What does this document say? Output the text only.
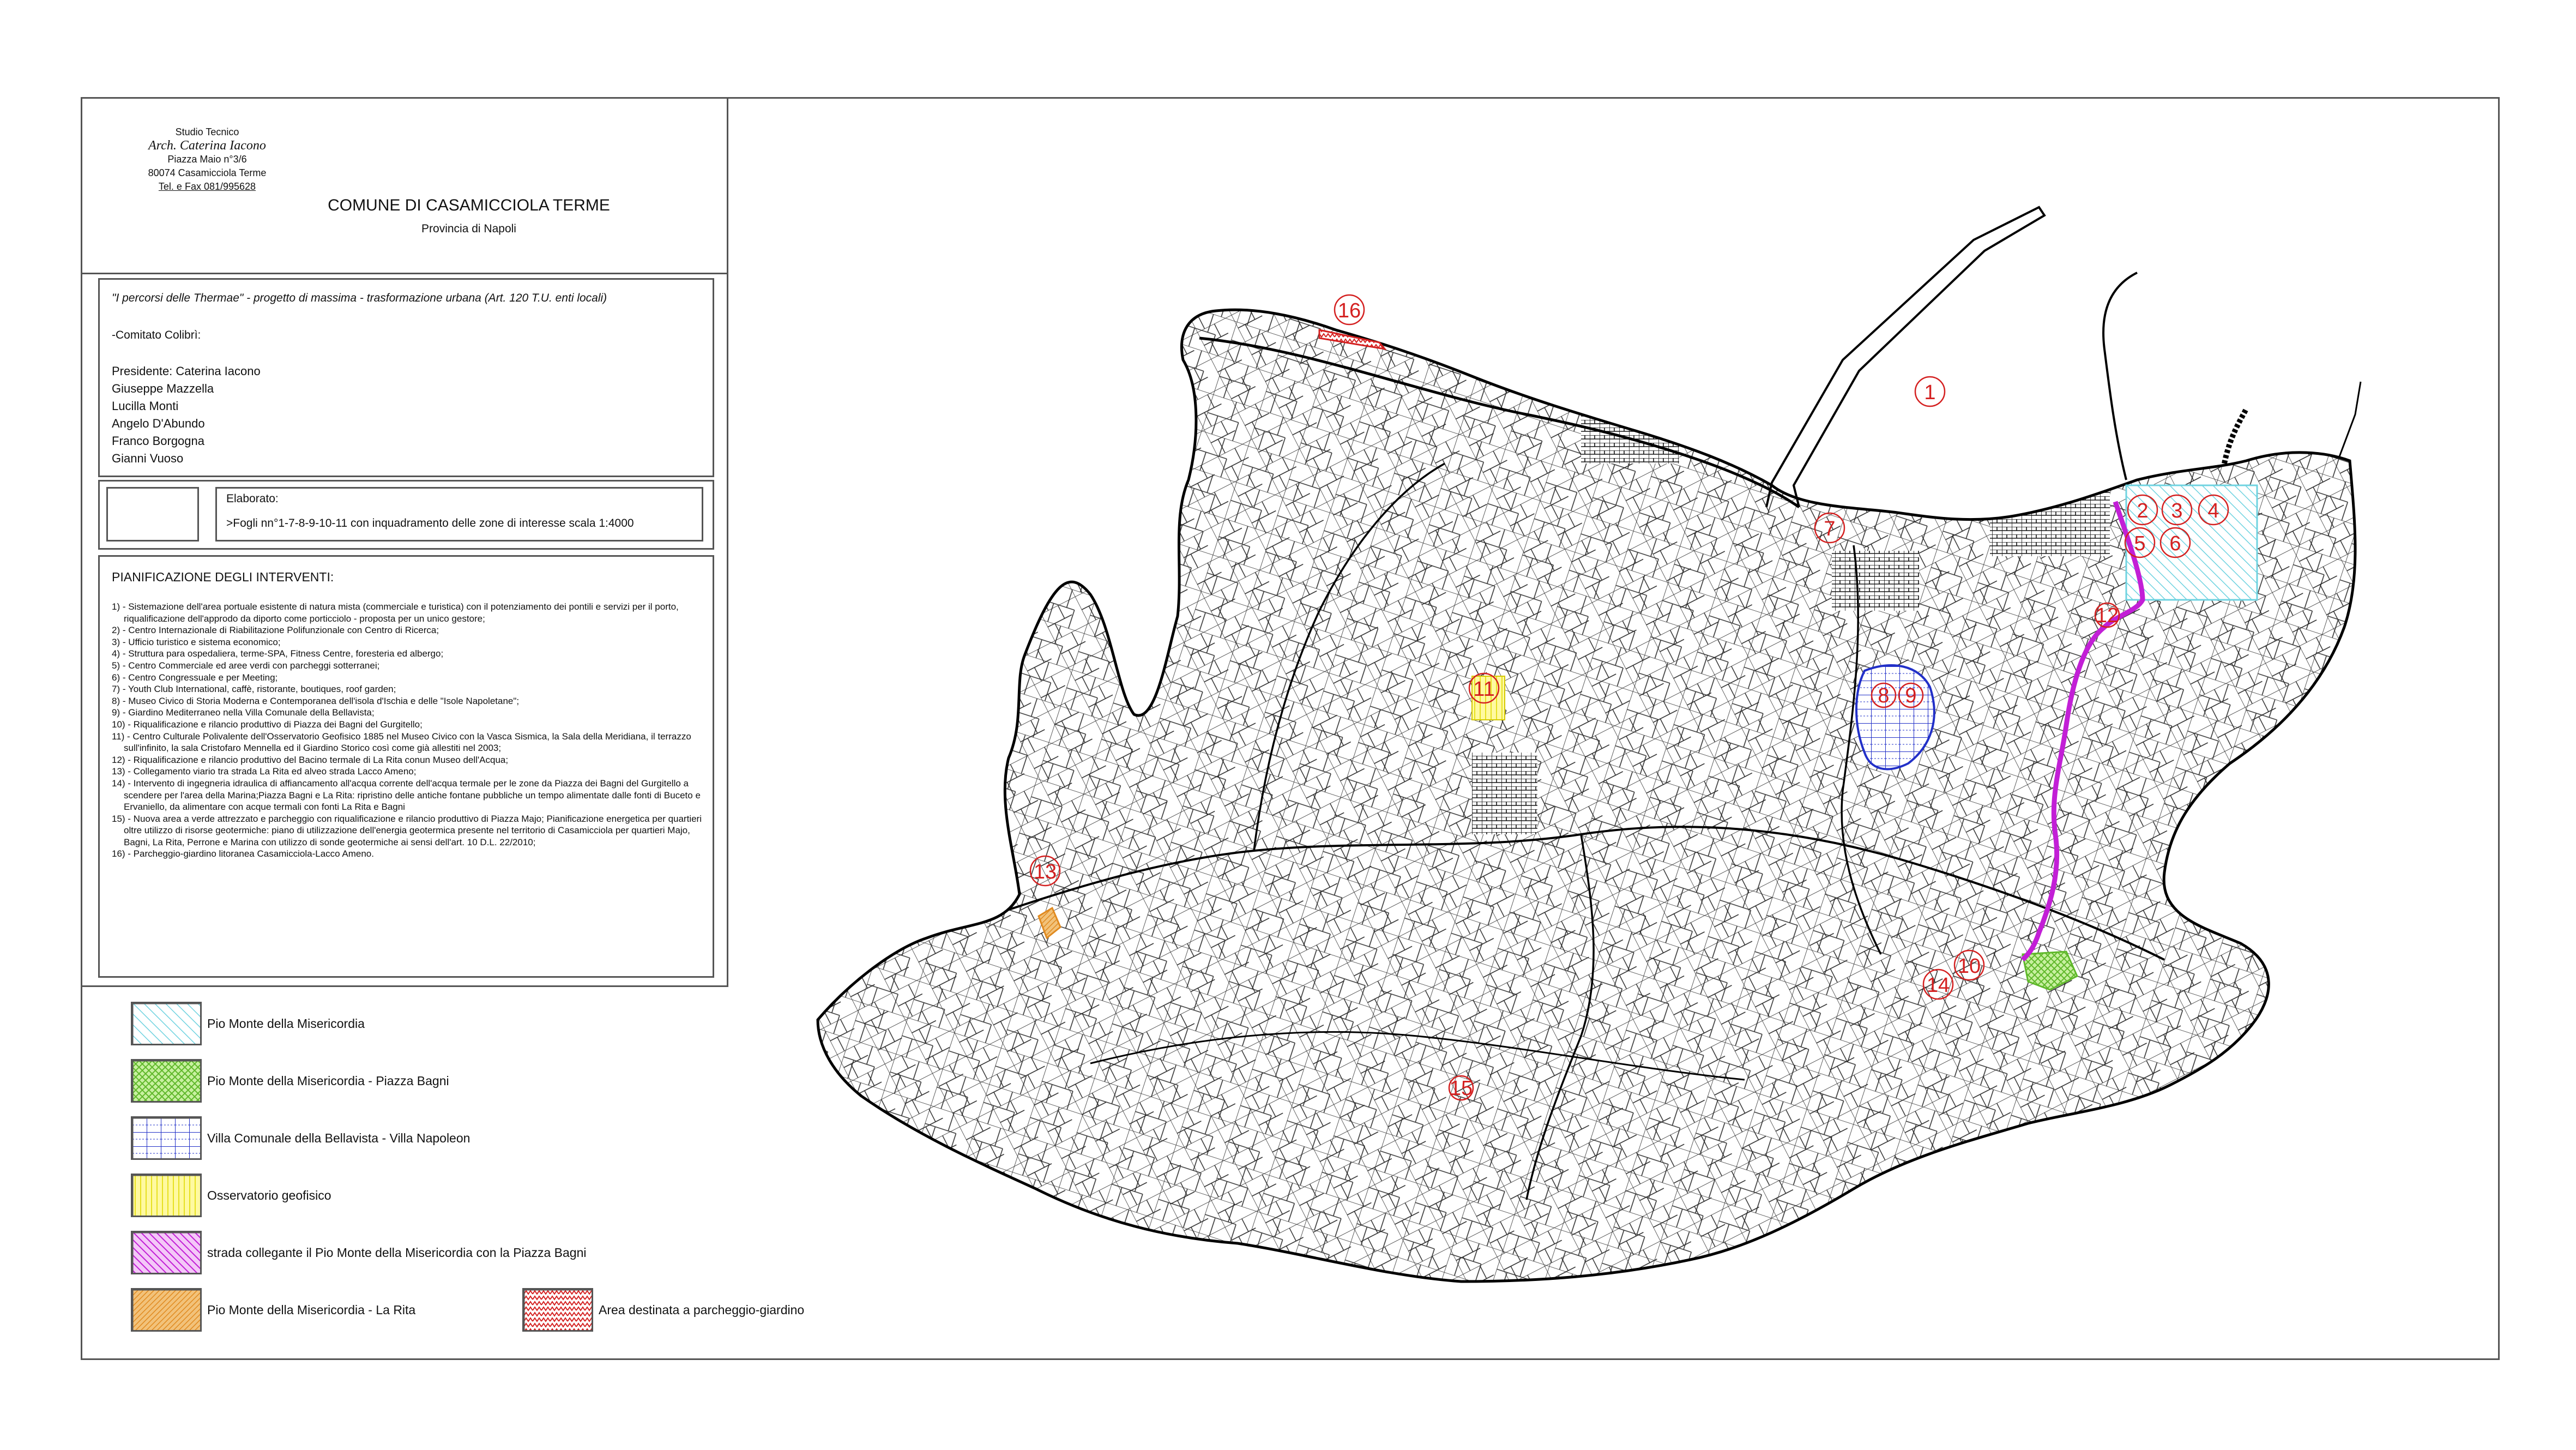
Studio Tecnico
Arch. Caterina Iacono
Piazza Maio n°3/6
80074 Casamicciola Terme
Tel. e Fax 081/995628
COMUNE DI CASAMICCIOLA TERME
Provincia di Napoli
"I percorsi delle Thermae" - progetto di massima - trasformazione urbana (Art. 120 T.U. enti locali)
-Comitato Colibrì:
Presidente: Caterina Iacono
Giuseppe Mazzella
Lucilla Monti
Angelo D'Abundo
Franco Borgogna
Gianni Vuoso
Elaborato:
>Fogli nn°1-7-8-9-10-11 con inquadramento delle zone di interesse scala 1:4000
PIANIFICAZIONE DEGLI INTERVENTI:
1) - Sistemazione dell'area portuale esistente di natura mista (commerciale e turistica) con il potenziamento dei pontili e servizi per il porto, riqualificazione dell'approdo da diporto come porticciolo - proposta per un unico gestore;
2) - Centro Internazionale di Riabilitazione Polifunzionale con Centro di Ricerca;
3) - Ufficio turistico e sistema economico;
4) - Struttura para ospedaliera, terme-SPA, Fitness Centre, foresteria ed albergo;
5) - Centro Commerciale ed aree verdi con parcheggi sotterranei;
6) - Centro Congressuale e per Meeting;
7) - Youth Club International, caffè, ristorante, boutiques, roof garden;
8) - Museo Civico di Storia Moderna e Contemporanea dell'isola d'Ischia e delle "Isole Napoletane";
9) - Giardino Mediterraneo nella Villa Comunale della Bellavista;
10) - Riqualificazione e rilancio produttivo di Piazza dei Bagni del Gurgitello;
11) - Centro Culturale Polivalente dell'Osservatorio Geofisico 1885 nel Museo Civico con la Vasca Sismica, la Sala della Meridiana, il terrazzo sull'infinito, la sala Cristofaro Mennella ed il Giardino Storico così come già allestiti nel 2003;
12) - Riqualificazione e rilancio produttivo del Bacino termale di La Rita conun Museo dell'Acqua;
13) - Collegamento viario tra strada La Rita ed alveo strada Lacco Ameno;
14) - Intervento di ingegneria idraulica di affiancamento all'acqua corrente dell'acqua termale per le zone da Piazza dei Bagni del Gurgitello a scendere per l'area della Marina;Piazza Bagni e La Rita: ripristino delle antiche fontane pubbliche un tempo alimentate dalle fonti di Buceto e Ervaniello, da alimentare con acque termali con fonti La Rita e Bagni
15) - Nuova area a verde attrezzato e parcheggio con riqualificazione e rilancio produttivo di Piazza Majo; Pianificazione energetica per quartieri oltre utilizzo di risorse geotermiche: piano di utilizzazione dell'energia geotermica presente nel territorio di Casamicciola per quartieri Majo, Bagni, La Rita, Perrone e Marina con utilizzo di sonde geotermiche ai sensi dell'art. 10 D.L. 22/2010;
16) - Parcheggio-giardino litoranea Casamicciola-Lacco Ameno.
Pio Monte della Misericordia
Pio Monte della Misericordia - Piazza Bagni
Villa Comunale della Bellavista - Villa Napoleon
Osservatorio geofisico
strada collegante il Pio Monte della Misericordia con la Piazza Bagni
Pio Monte della Misericordia - La Rita	Area destinata a parcheggio-giardino
1
2 3 4
5 6
7
8 9
10
11
12
13
14
15
16
